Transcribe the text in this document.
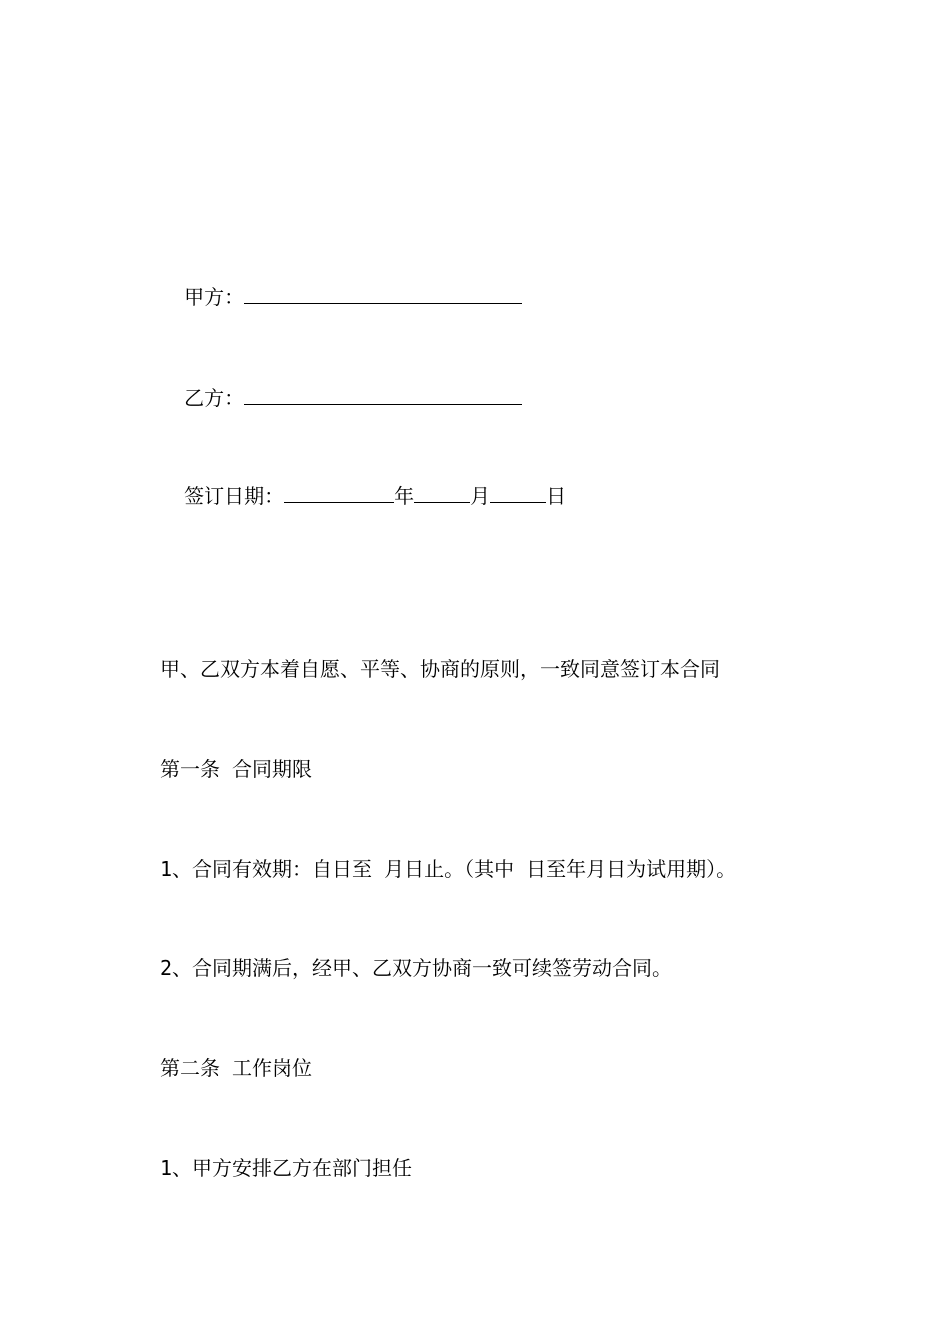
甲方：

乙方：

签订日期：	年	月	日

甲、乙双方本着自愿、平等、协商的原则，一致同意签订本合同
第一条 合同期限
1、合同有效期：自日至 月日止。（其中 日至年月日为试用期）。
2、合同期满后，经甲、乙双方协商一致可续签劳动合同。
第二条 工作岗位
1、甲方安排乙方在部门担任
